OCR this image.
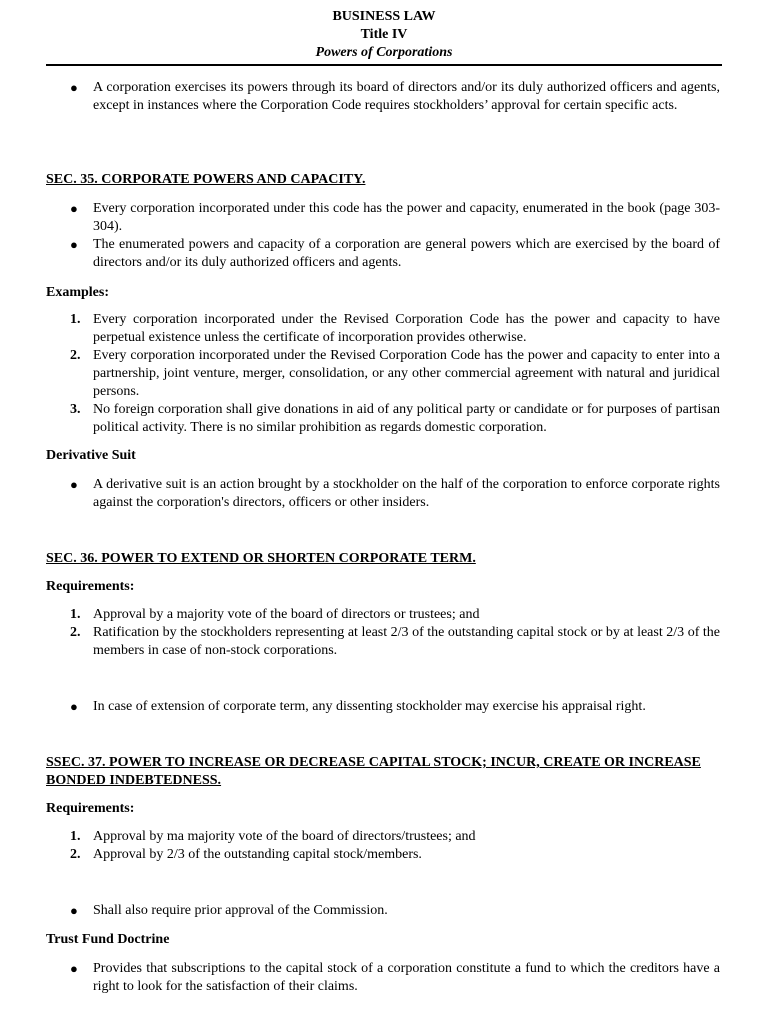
BUSINESS LAW
Title IV
Powers of Corporations
● A corporation exercises its powers through its board of directors and/or its duly authorized officers and agents, except in instances where the Corporation Code requires stockholders’ approval for certain specific acts.

SEC. 35. CORPORATE POWERS AND CAPACITY.

● Every corporation incorporated under this code has the power and capacity, enumerated in the book (page 303-304).

● The enumerated powers and capacity of a corporation are general powers which are exercised by the board of directors and/or its duly authorized officers and agents.

Examples:

1. Every corporation incorporated under the Revised Corporation Code has the power and capacity to have perpetual existence unless the certificate of incorporation provides otherwise.

2. Every corporation incorporated under the Revised Corporation Code has the power and capacity to enter into a partnership, joint venture, merger, consolidation, or any other commercial agreement with natural and juridical persons.

3. No foreign corporation shall give donations in aid of any political party or candidate or for purposes of partisan political activity. There is no similar prohibition as regards domestic corporation.

Derivative Suit

● A derivative suit is an action brought by a stockholder on the half of the corporation to enforce corporate rights against the corporation's directors, officers or other insiders.

SEC. 36. POWER TO EXTEND OR SHORTEN CORPORATE TERM.

Requirements:

1. Approval by a majority vote of the board of directors or trustees; and

2. Ratification by the stockholders representing at least 2/3 of the outstanding capital stock or by at least 2/3 of the members in case of non-stock corporations.

● In case of extension of corporate term, any dissenting stockholder may exercise his appraisal right.

SSEC. 37. POWER TO INCREASE OR DECREASE CAPITAL STOCK; INCUR, CREATE OR INCREASE BONDED INDEBTEDNESS.

Requirements:

1. Approval by ma majority vote of the board of directors/trustees; and

2. Approval by 2/3 of the outstanding capital stock/members.

● Shall also require prior approval of the Commission.

Trust Fund Doctrine

● Provides that subscriptions to the capital stock of a corporation constitute a fund to which the creditors have a right to look for the satisfaction of their claims.
